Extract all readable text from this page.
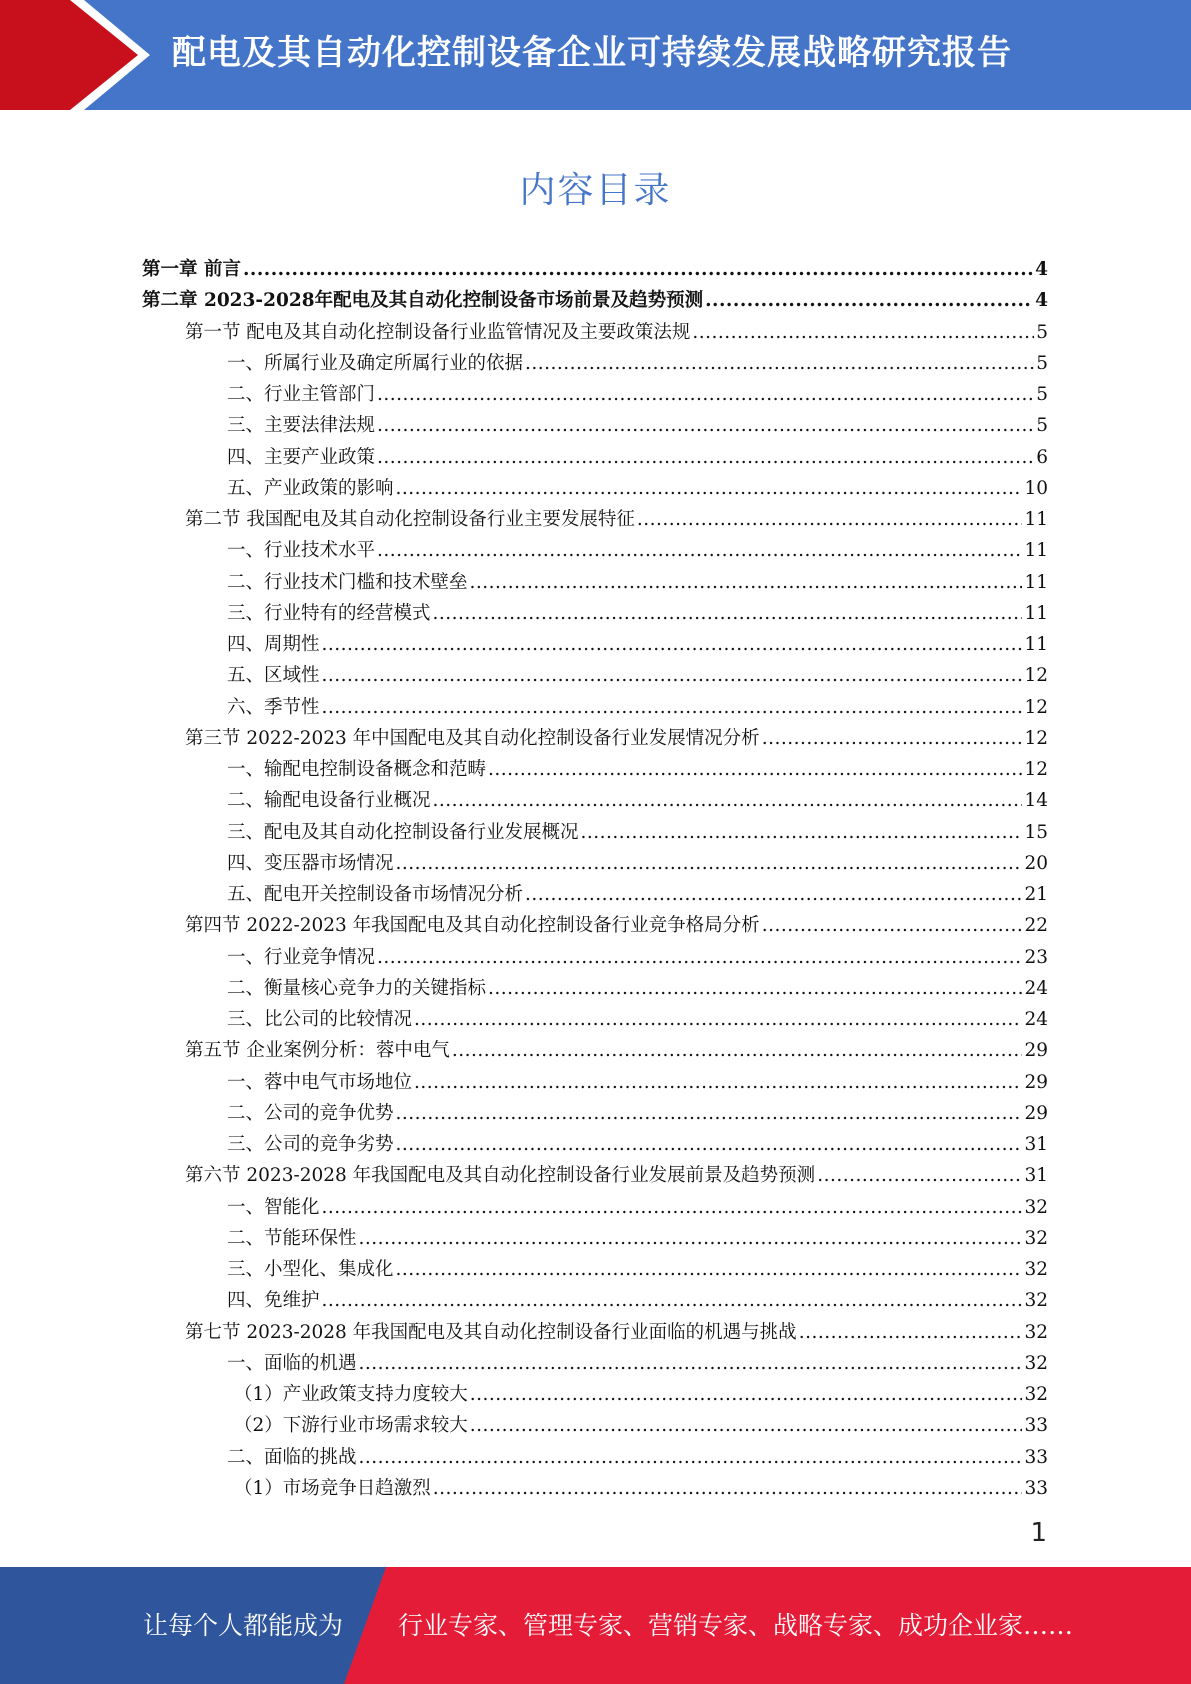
配电及其自动化控制设备企业可持续发展战略研究报告
内容目录
第一章 前言 .....	4
第二章 2023-2028年配电及其自动化控制设备市场前景及趋势预测 .....	4
第一节 配电及其自动化控制设备行业监管情况及主要政策法规 .....	5
一、所属行业及确定所属行业的依据 .....	5
二、行业主管部门 .....	5
三、主要法律法规 .....	5
四、主要产业政策 .....	6
五、产业政策的影响 .....	10
第二节 我国配电及其自动化控制设备行业主要发展特征 .....	11
一、行业技术水平 .....	11
二、行业技术门槛和技术壁垒 .....	11
三、行业特有的经营模式 .....	11
四、周期性 .....	11
五、区域性 .....	12
六、季节性 .....	12
第三节 2022-2023 年中国配电及其自动化控制设备行业发展情况分析 .....	12
一、输配电控制设备概念和范畴 .....	12
二、输配电设备行业概况 .....	14
三、配电及其自动化控制设备行业发展概况 .....	15
四、变压器市场情况 .....	20
五、配电开关控制设备市场情况分析 .....	21
第四节 2022-2023 年我国配电及其自动化控制设备行业竞争格局分析 .....	22
一、行业竞争情况 .....	23
二、衡量核心竞争力的关键指标 .....	24
三、比公司的比较情况 .....	24
第五节 企业案例分析：蓉中电气 .....	29
一、蓉中电气市场地位 .....	29
二、公司的竞争优势 .....	29
三、公司的竞争劣势 .....	31
第六节 2023-2028 年我国配电及其自动化控制设备行业发展前景及趋势预测 .....	31
一、智能化 .....	32
二、节能环保性 .....	32
三、小型化、集成化 .....	32
四、免维护 .....	32
第七节 2023-2028 年我国配电及其自动化控制设备行业面临的机遇与挑战 .....	32
一、面临的机遇 .....	32
（1）产业政策支持力度较大 .....	32
（2）下游行业市场需求较大 .....	33
二、面临的挑战 .....	33
（1）市场竞争日趋激烈 .....	33
1
让每个人都能成为 行业专家、管理专家、营销专家、战略专家、成功企业家……
